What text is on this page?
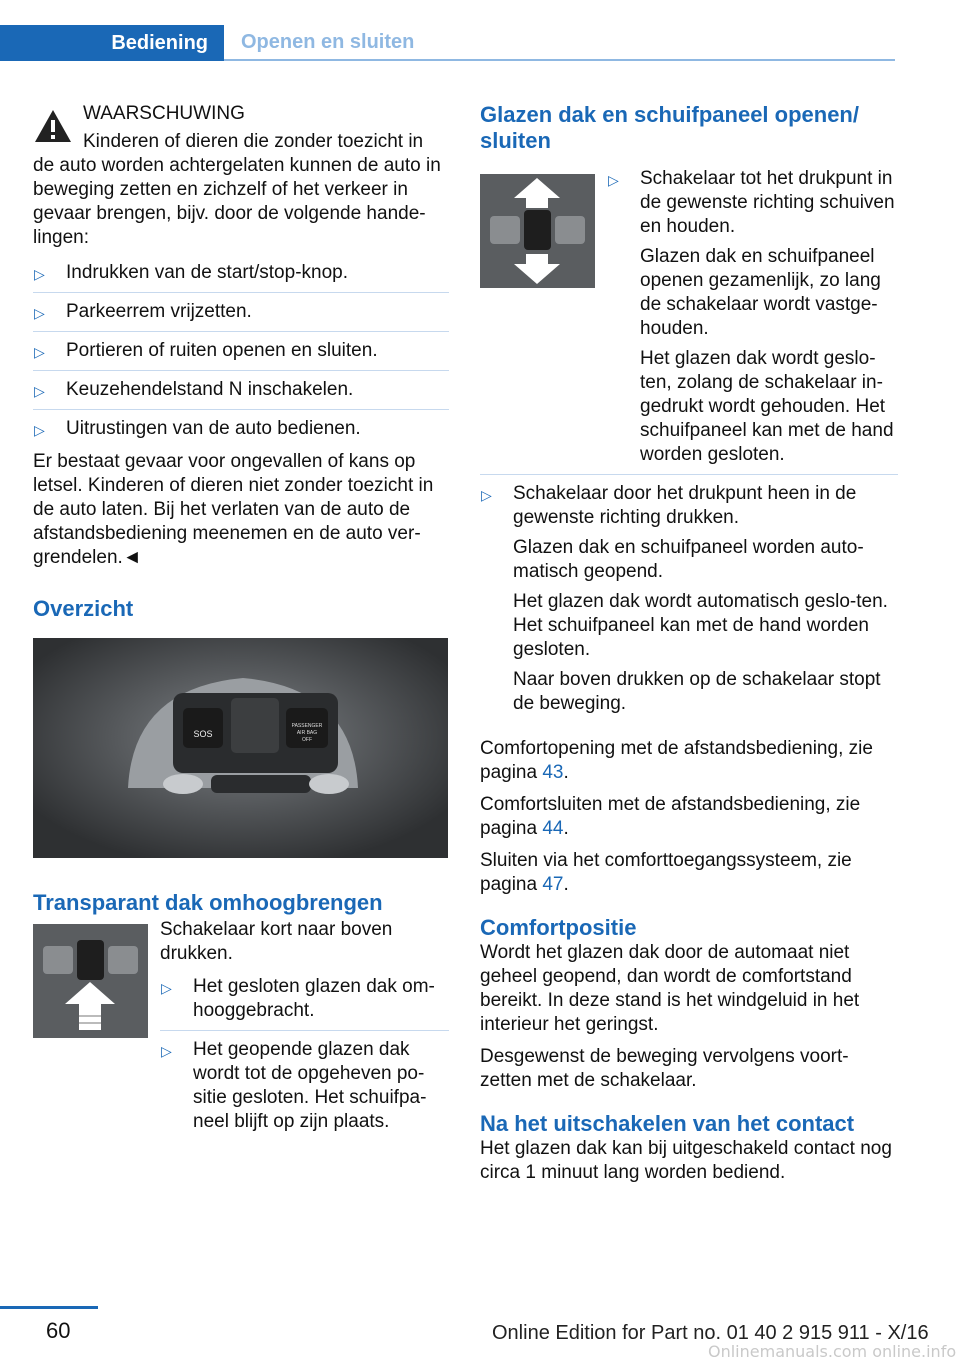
Bediening	Openen en sluiten
WAARSCHUWING

Kinderen of dieren die zonder toezicht in de auto worden achtergelaten kunnen de auto in beweging zetten en zichzelf of het verkeer in gevaar brengen, bijv. door de volgende hande-lingen:

▷ Indrukken van de start/stop-knop.
▷ Parkeerrem vrijzetten.
▷ Portieren of ruiten openen en sluiten.
▷ Keuzehendelstand N inschakelen.
▷ Uitrustingen van de auto bedienen.

Er bestaat gevaar voor ongevallen of kans op letsel. Kinderen of dieren niet zonder toezicht in de auto laten. Bij het verlaten van de auto de afstandsbediening meenemen en de auto ver-grendelen.◄

Overzicht
SOS
PASSENGER
AIR BAG
OFF
Transparant dak omhoogbrengen

Schakelaar kort naar boven drukken.

▷ Het gesloten glazen dak om-hooggebracht.
▷ Het geopende glazen dak wordt tot de opgeheven po-sitie gesloten. Het schuifpa-neel blijft op zijn plaats.
Glazen dak en schuifpaneel openen/ sluiten
▷ Schakelaar tot het drukpunt in de gewenste richting schuiven en houden.

Glazen dak en schuifpaneel openen gezamenlijk, zo lang de schakelaar wordt vastge-houden.

Het glazen dak wordt geslo-ten, zolang de schakelaar in-gedrukt wordt gehouden. Het schuifpaneel kan met de hand worden gesloten.

▷ Schakelaar door het drukpunt heen in de gewenste richting drukken.

Glazen dak en schuifpaneel worden auto-matisch geopend.

Het glazen dak wordt automatisch geslo-ten. Het schuifpaneel kan met de hand worden gesloten.

Naar boven drukken op de schakelaar stopt de beweging.

Comfortopening met de afstandsbediening, zie pagina 43.

Comfortsluiten met de afstandsbediening, zie pagina 44.

Sluiten via het comforttoegangssysteem, zie pagina 47.

Comfortpositie

Wordt het glazen dak door de automaat niet geheel geopend, dan wordt de comfortstand bereikt. In deze stand is het windgeluid in het interieur het geringst.

Desgewenst de beweging vervolgens voort-zetten met de schakelaar.

Na het uitschakelen van het contact

Het glazen dak kan bij uitgeschakeld contact nog circa 1 minuut lang worden bediend.

60	Online Edition for Part no. 01 40 2 915 911 - X/16
Onlinemanuals.com online.info
